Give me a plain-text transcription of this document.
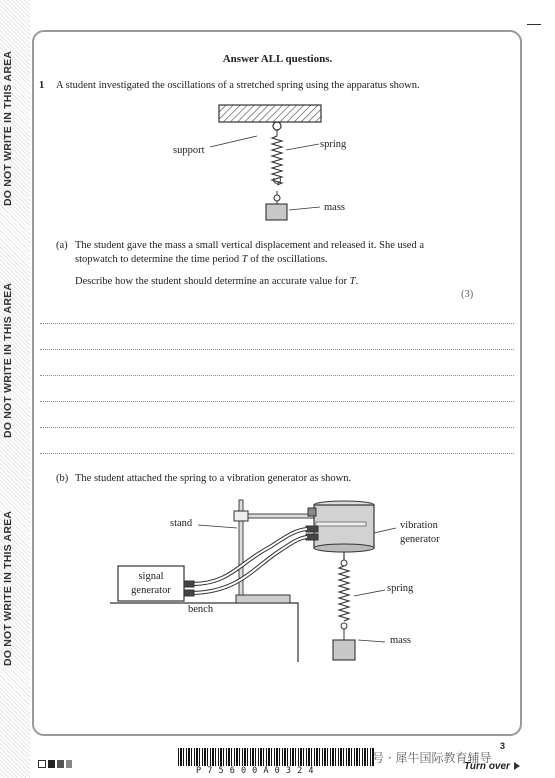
DO NOT WRITE IN THIS AREA
DO NOT WRITE IN THIS AREA
DO NOT WRITE IN THIS AREA
Answer ALL questions.
1 A student investigated the oscillations of a stretched spring using the apparatus shown.
support
spring
mass
(a) The student gave the mass a small vertical displacement and released it. She used a
stopwatch to determine the time period T of the oscillations.
Describe how the student should determine an accurate value for T.
(3)
(b) The student attached the spring to a vibration generator as shown.
stand	vibration
generator
signal
generator
bench
spring
mass
P 7 5 6 0 0 A 0 3 2 4
号 · 犀牛国际教育辅导
3
Turn over
